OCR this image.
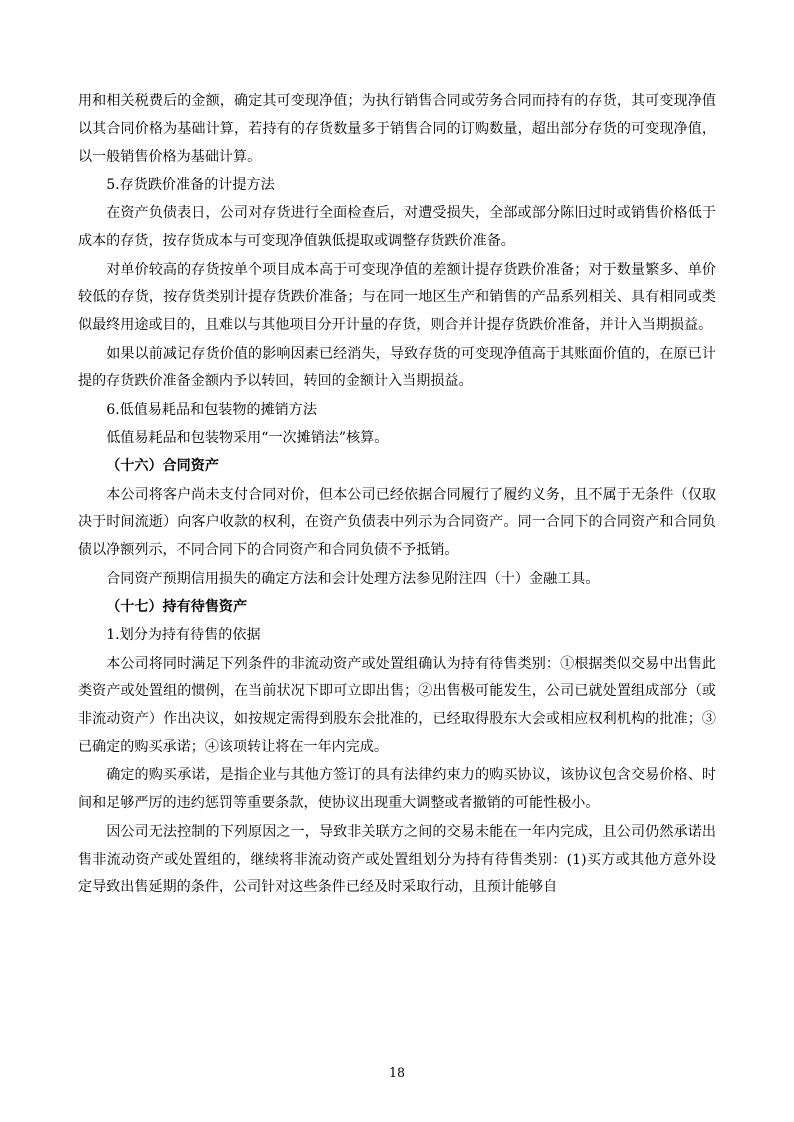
用和相关税费后的金额，确定其可变现净值；为执行销售合同或劳务合同而持有的存货，其可变现净值以其合同价格为基础计算，若持有的存货数量多于销售合同的订购数量，超出部分存货的可变现净值，以一般销售价格为基础计算。

5.存货跌价准备的计提方法

在资产负债表日，公司对存货进行全面检查后，对遭受损失，全部或部分陈旧过时或销售价格低于成本的存货，按存货成本与可变现净值孰低提取或调整存货跌价准备。

对单价较高的存货按单个项目成本高于可变现净值的差额计提存货跌价准备；对于数量繁多、单价较低的存货，按存货类别计提存货跌价准备；与在同一地区生产和销售的产品系列相关、具有相同或类似最终用途或目的，且难以与其他项目分开计量的存货，则合并计提存货跌价准备，并计入当期损益。

如果以前减记存货价值的影响因素已经消失，导致存货的可变现净值高于其账面价值的，在原已计提的存货跌价准备金额内予以转回，转回的金额计入当期损益。

6.低值易耗品和包装物的摊销方法

低值易耗品和包装物采用“一次摊销法”核算。

（十六）合同资产

本公司将客户尚未支付合同对价，但本公司已经依据合同履行了履约义务，且不属于无条件（仅取决于时间流逝）向客户收款的权利，在资产负债表中列示为合同资产。同一合同下的合同资产和合同负债以净额列示，不同合同下的合同资产和合同负债不予抵销。

合同资产预期信用损失的确定方法和会计处理方法参见附注四（十）金融工具。

（十七）持有待售资产

1.划分为持有待售的依据

本公司将同时满足下列条件的非流动资产或处置组确认为持有待售类别：①根据类似交易中出售此类资产或处置组的惯例，在当前状况下即可立即出售；②出售极可能发生，公司已就处置组成部分（或非流动资产）作出决议，如按规定需得到股东会批准的，已经取得股东大会或相应权利机构的批准；③已确定的购买承诺；④该项转让将在一年内完成。

确定的购买承诺，是指企业与其他方签订的具有法律约束力的购买协议，该协议包含交易价格、时间和足够严厉的违约惩罚等重要条款，使协议出现重大调整或者撤销的可能性极小。

因公司无法控制的下列原因之一，导致非关联方之间的交易未能在一年内完成，且公司仍然承诺出售非流动资产或处置组的，继续将非流动资产或处置组划分为持有待售类别：(1)买方或其他方意外设定导致出售延期的条件，公司针对这些条件已经及时采取行动，且预计能够自

18
